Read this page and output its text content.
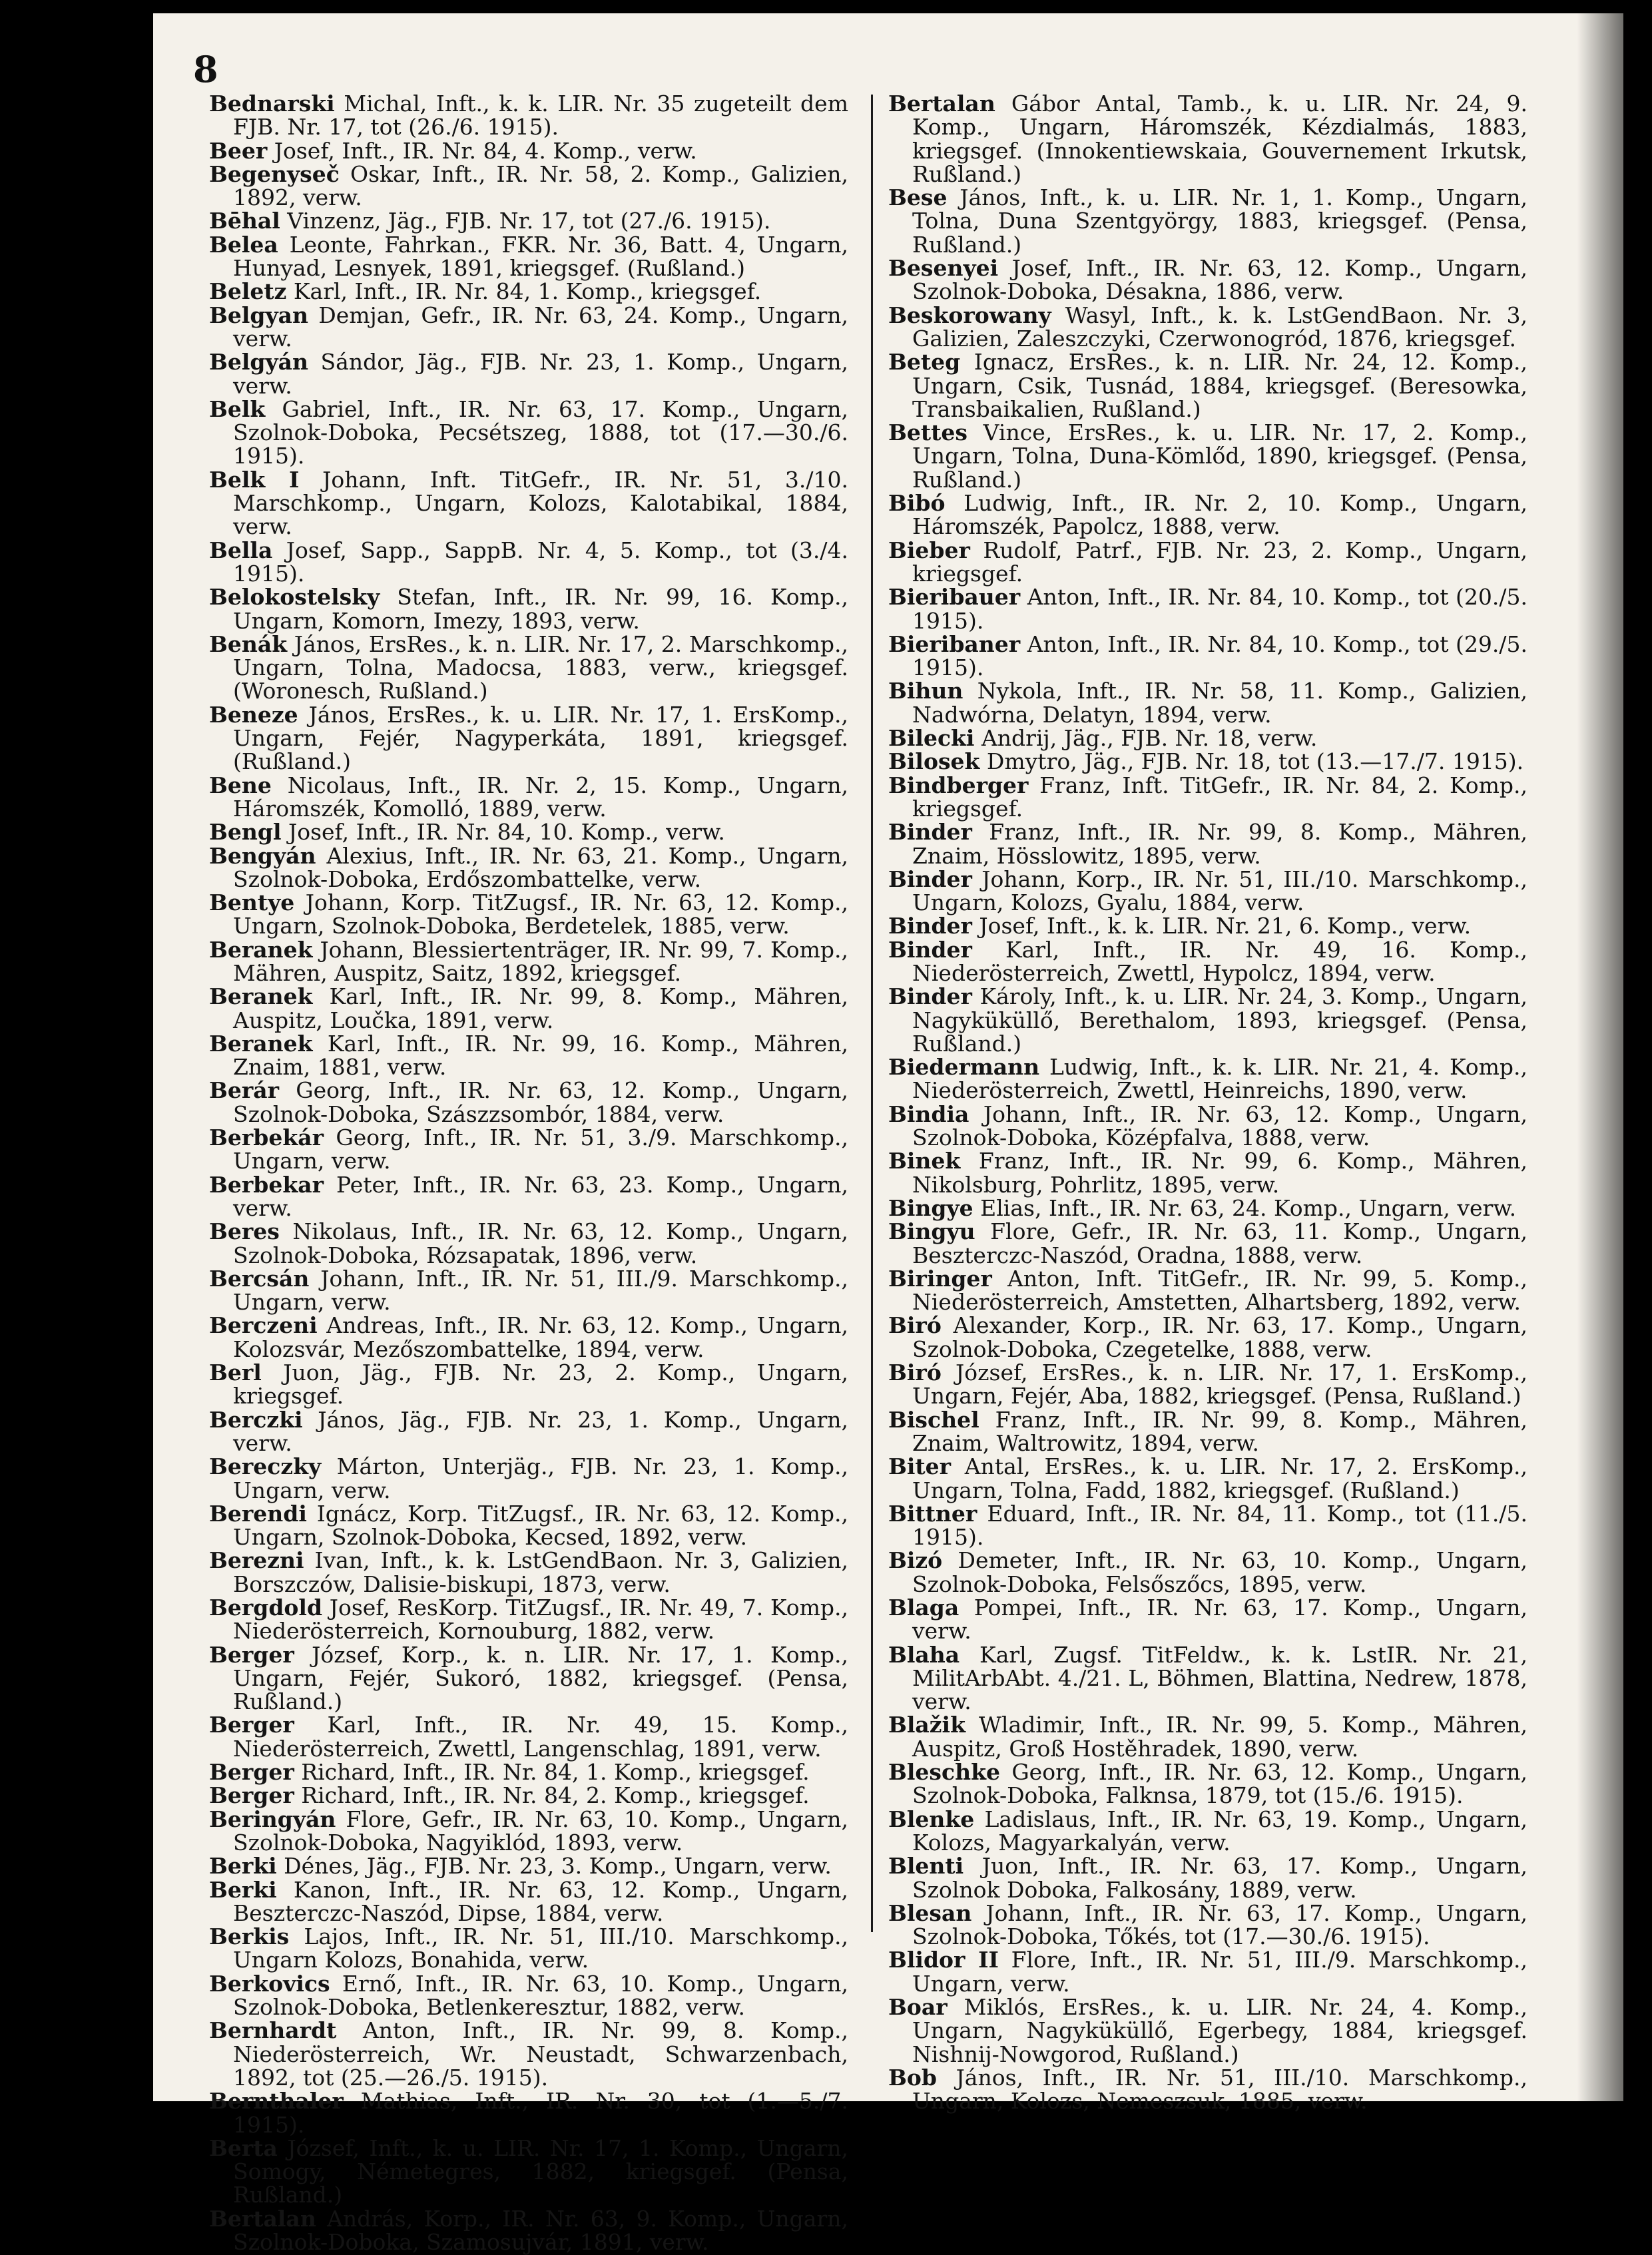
8
Bednarski Michal, Inft., k. k. LIR. Nr. 35 zugeteilt dem FJB. Nr. 17, tot (26./6. 1915).
Beer Josef, Inft., IR. Nr. 84, 4. Komp., verw.
Begenyseč Oskar, Inft., IR. Nr. 58, 2. Komp., Galizien, 1892, verw.
Bēhal Vinzenz, Jäg., FJB. Nr. 17, tot (27./6. 1915).
Belea Leonte, Fahrkan., FKR. Nr. 36, Batt. 4, Ungarn, Hunyad, Lesnyek, 1891, kriegsgef. (Rußland.)
Beletz Karl, Inft., IR. Nr. 84, 1. Komp., kriegsgef.
Belgyan Demjan, Gefr., IR. Nr. 63, 24. Komp., Ungarn, verw.
Belgyán Sándor, Jäg., FJB. Nr. 23, 1. Komp., Ungarn, verw.
Belk Gabriel, Inft., IR. Nr. 63, 17. Komp., Ungarn, Szolnok-Doboka, Pecsétszeg, 1888, tot (17.—30./6. 1915).
Belk I Johann, Inft. TitGefr., IR. Nr. 51, 3./10. Marschkomp., Ungarn, Kolozs, Kalotabikal, 1884, verw.
Bella Josef, Sapp., SappB. Nr. 4, 5. Komp., tot (3./4. 1915).
Belokostelsky Stefan, Inft., IR. Nr. 99, 16. Komp., Ungarn, Komorn, Imezy, 1893, verw.
Benák János, ErsRes., k. n. LIR. Nr. 17, 2. Marschkomp., Ungarn, Tolna, Madocsa, 1883, verw., kriegsgef. (Woronesch, Rußland.)
Beneze János, ErsRes., k. u. LIR. Nr. 17, 1. ErsKomp., Ungarn, Fejér, Nagyperkáta, 1891, kriegsgef. (Rußland.)
Bene Nicolaus, Inft., IR. Nr. 2, 15. Komp., Ungarn, Háromszék, Komolló, 1889, verw.
Bengl Josef, Inft., IR. Nr. 84, 10. Komp., verw.
Bengyán Alexius, Inft., IR. Nr. 63, 21. Komp., Ungarn, Szolnok-Doboka, Erdőszombattelke, verw.
Bentye Johann, Korp. TitZugsf., IR. Nr. 63, 12. Komp., Ungarn, Szolnok-Doboka, Berdetelek, 1885, verw.
Beranek Johann, Blessiertenträger, IR. Nr. 99, 7. Komp., Mähren, Auspitz, Saitz, 1892, kriegsgef.
Beranek Karl, Inft., IR. Nr. 99, 8. Komp., Mähren, Auspitz, Loučka, 1891, verw.
Beranek Karl, Inft., IR. Nr. 99, 16. Komp., Mähren, Znaim, 1881, verw.
Berár Georg, Inft., IR. Nr. 63, 12. Komp., Ungarn, Szolnok-Doboka, Szászzsombór, 1884, verw.
Berbekár Georg, Inft., IR. Nr. 51, 3./9. Marschkomp., Ungarn, verw.
Berbekar Peter, Inft., IR. Nr. 63, 23. Komp., Ungarn, verw.
Beres Nikolaus, Inft., IR. Nr. 63, 12. Komp., Ungarn, Szolnok-Doboka, Rózsapatak, 1896, verw.
Bercsán Johann, Inft., IR. Nr. 51, III./9. Marschkomp., Ungarn, verw.
Berczeni Andreas, Inft., IR. Nr. 63, 12. Komp., Ungarn, Kolozsvár, Mezőszombattelke, 1894, verw.
Berl Juon, Jäg., FJB. Nr. 23, 2. Komp., Ungarn, kriegsgef.
Berczki János, Jäg., FJB. Nr. 23, 1. Komp., Ungarn, verw.
Bereczky Márton, Unterjäg., FJB. Nr. 23, 1. Komp., Ungarn, verw.
Berendi Ignácz, Korp. TitZugsf., IR. Nr. 63, 12. Komp., Ungarn, Szolnok-Doboka, Kecsed, 1892, verw.
Berezni Ivan, Inft., k. k. LstGendBaon. Nr. 3, Galizien, Borszczów, Dalisie-biskupi, 1873, verw.
Bergdold Josef, ResKorp. TitZugsf., IR. Nr. 49, 7. Komp., Niederösterreich, Kornouburg, 1882, verw.
Berger József, Korp., k. n. LIR. Nr. 17, 1. Komp., Ungarn, Fejér, Sukoró, 1882, kriegsgef. (Pensa, Rußland.)
Berger Karl, Inft., IR. Nr. 49, 15. Komp., Niederösterreich, Zwettl, Langenschlag, 1891, verw.
Berger Richard, Inft., IR. Nr. 84, 1. Komp., kriegsgef.
Berger Richard, Inft., IR. Nr. 84, 2. Komp., kriegsgef.
Beringyán Flore, Gefr., IR. Nr. 63, 10. Komp., Ungarn, Szolnok-Doboka, Nagyiklód, 1893, verw.
Berki Dénes, Jäg., FJB. Nr. 23, 3. Komp., Ungarn, verw.
Berki Kanon, Inft., IR. Nr. 63, 12. Komp., Ungarn, Beszterczc-Naszód, Dipse, 1884, verw.
Berkis Lajos, Inft., IR. Nr. 51, III./10. Marschkomp., Ungarn Kolozs, Bonahida, verw.
Berkovics Ernő, Inft., IR. Nr. 63, 10. Komp., Ungarn, Szolnok-Doboka, Betlenkeresztur, 1882, verw.
Bernhardt Anton, Inft., IR. Nr. 99, 8. Komp., Niederösterreich, Wr. Neustadt, Schwarzenbach, 1892, tot (25.—26./5. 1915).
Bernthaler Mathias, Inft., IR. Nr. 30, tot (1.—5./7. 1915).
Berta József, Inft., k. u. LIR. Nr. 17, 1. Komp., Ungarn, Somogy, Németegres, 1882, kriegsgef. (Pensa, Rußland.)
Bertalan András, Korp., IR. Nr. 63, 9. Komp., Ungarn, Szolnok-Doboka, Szamosujvár, 1891, verw.
Bertalan Gábor Antal, Tamb., k. u. LIR. Nr. 24, 9. Komp., Ungarn, Háromszék, Kézdialmás, 1883, kriegsgef. (Innokentiewskaia, Gouvernement Irkutsk, Rußland.)
Bese János, Inft., k. u. LIR. Nr. 1, 1. Komp., Ungarn, Tolna, Duna Szentgyörgy, 1883, kriegsgef. (Pensa, Rußland.)
Besenyei Josef, Inft., IR. Nr. 63, 12. Komp., Ungarn, Szolnok-Doboka, Désakna, 1886, verw.
Beskorowany Wasyl, Inft., k. k. LstGendBaon. Nr. 3, Galizien, Zaleszczyki, Czerwonogród, 1876, kriegsgef.
Beteg Ignacz, ErsRes., k. n. LIR. Nr. 24, 12. Komp., Ungarn, Csik, Tusnád, 1884, kriegsgef. (Beresowka, Transbaikalien, Rußland.)
Bettes Vince, ErsRes., k. u. LIR. Nr. 17, 2. Komp., Ungarn, Tolna, Duna-Kömlőd, 1890, kriegsgef. (Pensa, Rußland.)
Bibó Ludwig, Inft., IR. Nr. 2, 10. Komp., Ungarn, Háromszék, Papolcz, 1888, verw.
Bieber Rudolf, Patrf., FJB. Nr. 23, 2. Komp., Ungarn, kriegsgef.
Bieribauer Anton, Inft., IR. Nr. 84, 10. Komp., tot (20./5. 1915).
Bieribaner Anton, Inft., IR. Nr. 84, 10. Komp., tot (29./5. 1915).
Bihun Nykola, Inft., IR. Nr. 58, 11. Komp., Galizien, Nadwórna, Delatyn, 1894, verw.
Bilecki Andrij, Jäg., FJB. Nr. 18, verw.
Bilosek Dmytro, Jäg., FJB. Nr. 18, tot (13.—17./7. 1915).
Bindberger Franz, Inft. TitGefr., IR. Nr. 84, 2. Komp., kriegsgef.
Binder Franz, Inft., IR. Nr. 99, 8. Komp., Mähren, Znaim, Hösslowitz, 1895, verw.
Binder Johann, Korp., IR. Nr. 51, III./10. Marschkomp., Ungarn, Kolozs, Gyalu, 1884, verw.
Binder Josef, Inft., k. k. LIR. Nr. 21, 6. Komp., verw.
Binder Karl, Inft., IR. Nr. 49, 16. Komp., Niederösterreich, Zwettl, Hypolcz, 1894, verw.
Binder Károly, Inft., k. u. LIR. Nr. 24, 3. Komp., Ungarn, Nagyküküllő, Berethalom, 1893, kriegsgef. (Pensa, Rußland.)
Biedermann Ludwig, Inft., k. k. LIR. Nr. 21, 4. Komp., Niederösterreich, Zwettl, Heinreichs, 1890, verw.
Bindia Johann, Inft., IR. Nr. 63, 12. Komp., Ungarn, Szolnok-Doboka, Középfalva, 1888, verw.
Binek Franz, Inft., IR. Nr. 99, 6. Komp., Mähren, Nikolsburg, Pohrlitz, 1895, verw.
Bingye Elias, Inft., IR. Nr. 63, 24. Komp., Ungarn, verw.
Bingyu Flore, Gefr., IR. Nr. 63, 11. Komp., Ungarn, Beszterczc-Naszód, Oradna, 1888, verw.
Biringer Anton, Inft. TitGefr., IR. Nr. 99, 5. Komp., Niederösterreich, Amstetten, Alhartsberg, 1892, verw.
Biró Alexander, Korp., IR. Nr. 63, 17. Komp., Ungarn, Szolnok-Doboka, Czegetelke, 1888, verw.
Biró József, ErsRes., k. n. LIR. Nr. 17, 1. ErsKomp., Ungarn, Fejér, Aba, 1882, kriegsgef. (Pensa, Rußland.)
Bischel Franz, Inft., IR. Nr. 99, 8. Komp., Mähren, Znaim, Waltrowitz, 1894, verw.
Biter Antal, ErsRes., k. u. LIR. Nr. 17, 2. ErsKomp., Ungarn, Tolna, Fadd, 1882, kriegsgef. (Rußland.)
Bittner Eduard, Inft., IR. Nr. 84, 11. Komp., tot (11./5. 1915).
Bizó Demeter, Inft., IR. Nr. 63, 10. Komp., Ungarn, Szolnok-Doboka, Felsőszőcs, 1895, verw.
Blaga Pompei, Inft., IR. Nr. 63, 17. Komp., Ungarn, verw.
Blaha Karl, Zugsf. TitFeldw., k. k. LstIR. Nr. 21, MilitArbAbt. 4./21. L, Böhmen, Blattina, Nedrew, 1878, verw.
Blažik Wladimir, Inft., IR. Nr. 99, 5. Komp., Mähren, Auspitz, Groß Hostěhradek, 1890, verw.
Bleschke Georg, Inft., IR. Nr. 63, 12. Komp., Ungarn, Szolnok-Doboka, Falknsa, 1879, tot (15./6. 1915).
Blenke Ladislaus, Inft., IR. Nr. 63, 19. Komp., Ungarn, Kolozs, Magyarkalyán, verw.
Blenti Juon, Inft., IR. Nr. 63, 17. Komp., Ungarn, Szolnok Doboka, Falkosány, 1889, verw.
Blesan Johann, Inft., IR. Nr. 63, 17. Komp., Ungarn, Szolnok-Doboka, Tőkés, tot (17.—30./6. 1915).
Blidor II Flore, Inft., IR. Nr. 51, III./9. Marschkomp., Ungarn, verw.
Boar Miklós, ErsRes., k. u. LIR. Nr. 24, 4. Komp., Ungarn, Nagyküküllő, Egerbegy, 1884, kriegsgef. Nishnij-Nowgorod, Rußland.)
Bob János, Inft., IR. Nr. 51, III./10. Marschkomp., Ungarn, Kolozs, Nemeszsuk, 1885, verw.
